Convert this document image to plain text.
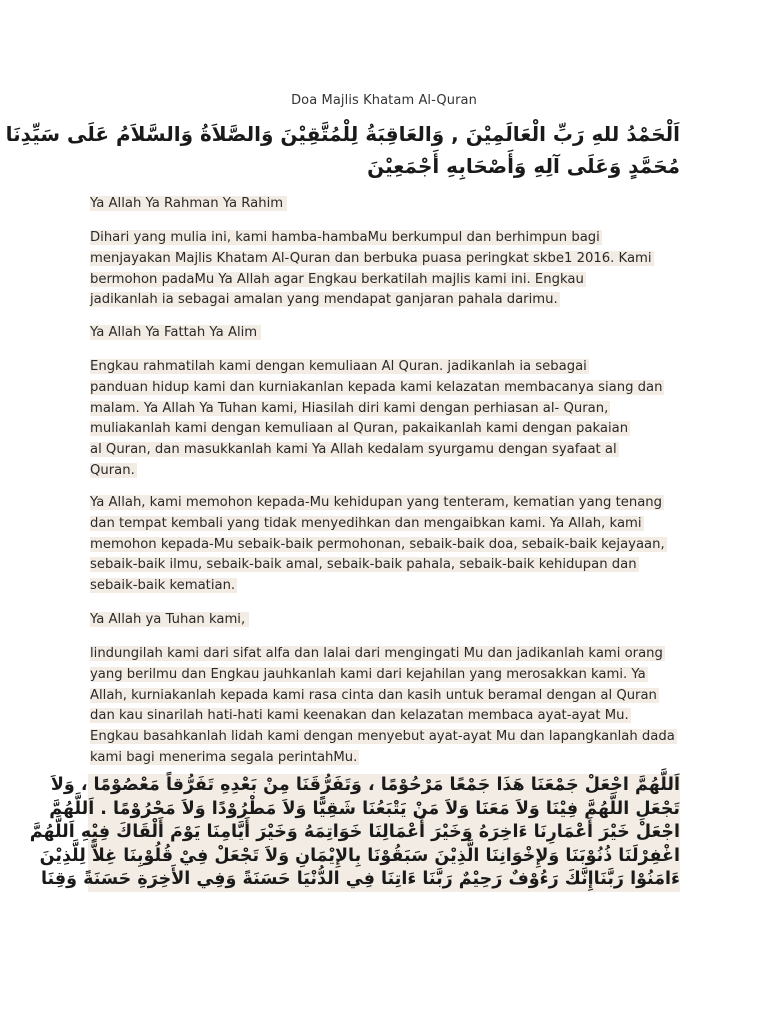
Doa Majlis Khatam Al-Quran
اَلْحَمْدُ للهِ رَبِّ الْعَالَمِيْنَ , وَالعَاقِبَةُ لِلْمُتَّقِيْنَ وَالصَّلاَةُ وَالسَّلاَمُ عَلَى سَيِّدِنَا
مُحَمَّدٍ وَعَلَى آلِهِ وَأَصْحَابِهِ أَجْمَعِيْنَ
Ya Allah Ya Rahman Ya Rahim
Dihari yang mulia ini, kami hamba-hambaMu berkumpul dan berhimpun bagi
menjayakan Majlis Khatam Al-Quran dan berbuka puasa peringkat skbe1 2016. Kami
bermohon padaMu Ya Allah agar Engkau berkatilah majlis kami ini. Engkau
jadikanlah ia sebagai amalan yang mendapat ganjaran pahala darimu.
Ya Allah Ya Fattah Ya Alim
Engkau rahmatilah kami dengan kemuliaan Al Quran. jadikanlah ia sebagai
panduan hidup kami dan kurniakanlan kepada kami kelazatan membacanya siang dan
malam. Ya Allah Ya Tuhan kami, Hiasilah diri kami dengan perhiasan al- Quran,
muliakanlah kami dengan kemuliaan al Quran, pakaikanlah kami dengan pakaian
al Quran, dan masukkanlah kami Ya Allah kedalam syurgamu dengan syafaat al
Quran.
Ya Allah, kami memohon kepada-Mu kehidupan yang tenteram, kematian yang tenang
dan tempat kembali yang tidak menyedihkan dan mengaibkan kami. Ya Allah, kami
memohon kepada-Mu sebaik-baik permohonan, sebaik-baik doa, sebaik-baik kejayaan,
sebaik-baik ilmu, sebaik-baik amal, sebaik-baik pahala, sebaik-baik kehidupan dan
sebaik-baik kematian.
Ya Allah ya Tuhan kami,
lindungilah kami dari sifat alfa dan lalai dari mengingati Mu dan jadikanlah kami orang
yang berilmu dan Engkau jauhkanlah kami dari kejahilan yang merosakkan kami. Ya
Allah, kurniakanlah kepada kami rasa cinta dan kasih untuk beramal dengan al Quran
dan kau sinarilah hati-hati kami keenakan dan kelazatan membaca ayat-ayat Mu.
Engkau basahkanlah lidah kami dengan menyebut ayat-ayat Mu dan lapangkanlah dada
kami bagi menerima segala perintahMu.
اَللَّهُمَّ اجْعَلْ جَمْعَنَا هَذَا جَمْعًا مَرْحُوْمًا ، وَتَفَرُّقَنَا مِنْ بَعْدِهِ تَفَرُّقاً مَعْصُوْمًا ، وَلاَ
تَجْعَلِ اللَّهُمَّ فِيْنَا وَلاَ مَعَنَا وَلاَ مَنْ يَتْبَعُنَا شَقِيًّا وَلاَ مَطْرُوْدًا وَلاَ مَحْرُوْمًا . اَللَّهُمَّ
اجْعَلْ خَيْرَ أَعْمَارِنَا ءَاخِرَهُ وَخَيْرَ أَعْمَالِنَا خَوَاتِمَهُ وَخَيْرَ أَيَّامِنَا يَوْمَ أَلْقَاكَ فِيْهِ اَللَّهُمَّ
اغْفِرْلَنَا ذُنُوْبَنَا وَلإِخْوَانِنَا الَّذِيْنَ سَبَقُوْنَا بِالإِيْمَانِ وَلاَ تَجْعَلْ فِيْ قُلُوْبِنَا غِلاًّ لِلَّذِيْنَ
ءَامَنُوْا رَبَّنَاإِنَّكَ رَءُوْفٌ رَحِيْمٌ رَبَّنَا ءَاتِنَا فِي الدُّنْيَا حَسَنَةً وَفِي الأَخِرَةِ حَسَنَةً وَقِنَا
